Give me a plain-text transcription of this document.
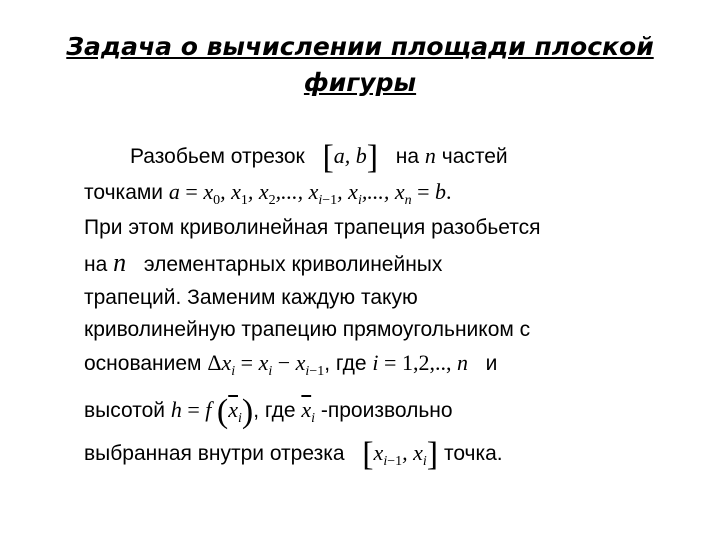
Задача о вычислении площади плоской
фигуры
Разобьем отрезок [a, b] на n частей
точками $a = x_0$, $x_1$, $x_2$,..., $x_{i-1}$, $x_i$,..., $x_n = b$.
При этом криволинейная трапеция разобьется
на n элементарных криволинейных
трапеций. Заменим каждую такую
криволинейную трапецию прямоугольником с
основанием $\Delta x_i = x_i - x_{i-1}$, где i = 1,2,.., n и
высотой h = f $(\overline{x}_i)$, где $\overline{x}_i$ -произвольно
выбранная внутри отрезка [$x_{i-1}$, $x_i$] точка.
